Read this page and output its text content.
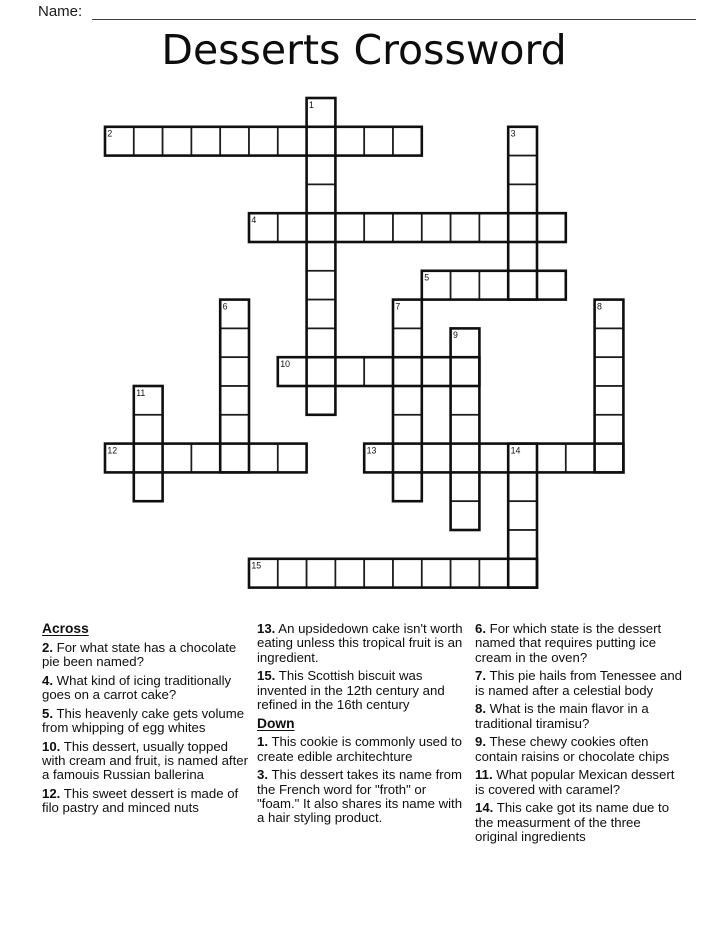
Name:
Desserts Crossword
1
2	3
4
5
6	7	8
9
10
11
12	13	14
15
Across

2. For what state has a chocolate pie been named?

4. What kind of icing traditionally goes on a carrot cake?

5. This heavenly cake gets volume from whipping of egg whites

10. This dessert, usually topped with cream and fruit, is named after a famouis Russian ballerina

12. This sweet dessert is made of filo pastry and minced nuts

13. An upsidedown cake isn't worth eating unless this tropical fruit is an ingredient.

15. This Scottish biscuit was invented in the 12th century and refined in the 16th century

Down

1. This cookie is commonly used to create edible architechture

3. This dessert takes its name from the French word for "froth" or "foam." It also shares its name with a hair styling product.

6. For which state is the dessert named that requires putting ice cream in the oven?

7. This pie hails from Tenessee and is named after a celestial body

8. What is the main flavor in a traditional tiramisu?

9. These chewy cookies often contain raisins or chocolate chips

11. What popular Mexican dessert is covered with caramel?

14. This cake got its name due to the measurment of the three original ingredients
